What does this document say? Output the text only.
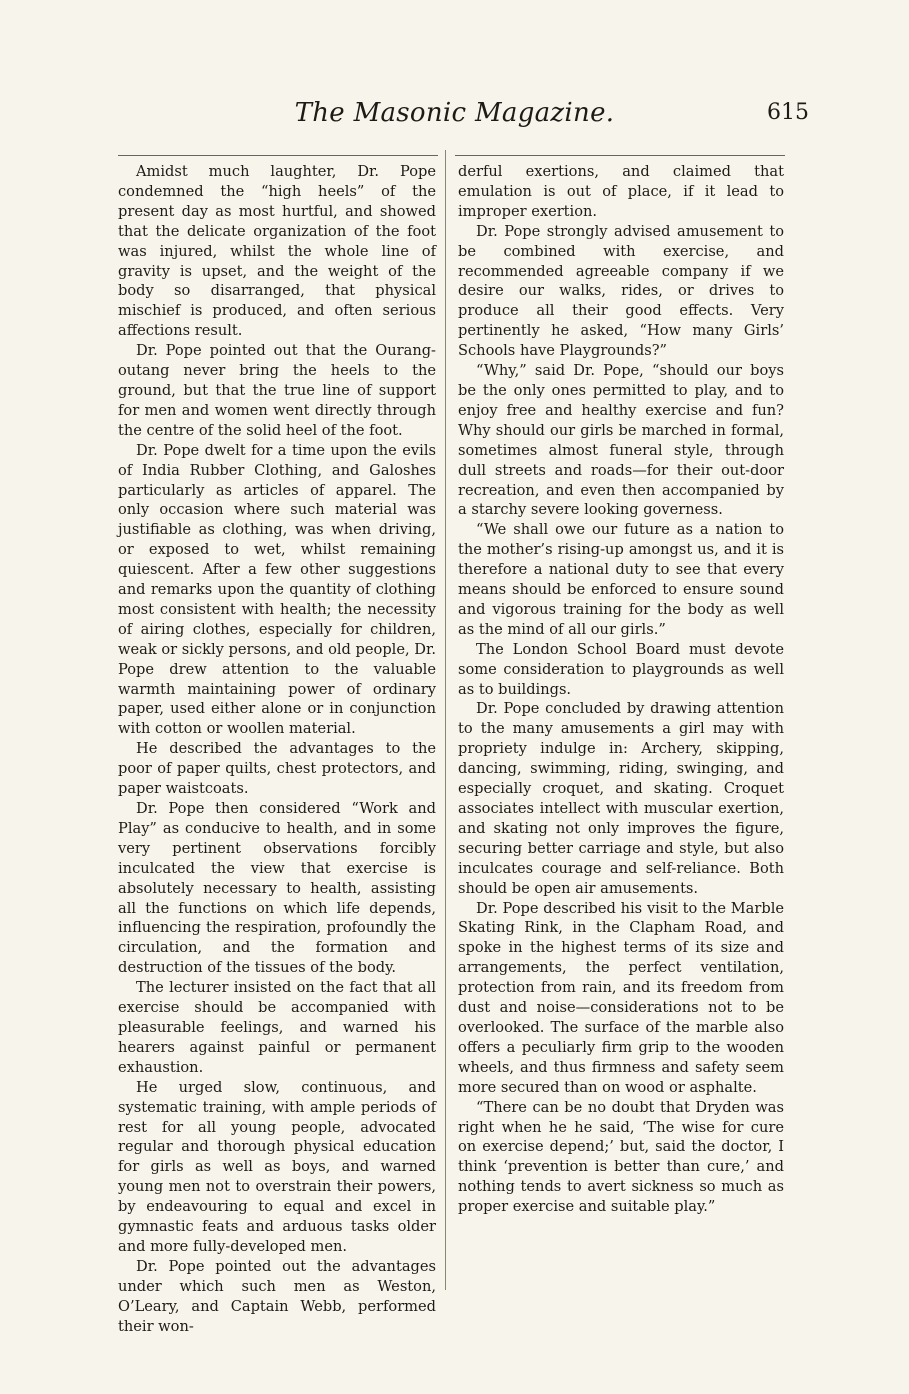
The Masonic Magazine.	615

Amidst much laughter, Dr. Pope condemned the “high heels” of the present day as most hurtful, and showed that the delicate organization of the foot was injured, whilst the whole line of gravity is upset, and the weight of the body so disarranged, that physical mischief is produced, and often serious affections result.

Dr. Pope pointed out that the Ourang-outang never bring the heels to the ground, but that the true line of support for men and women went directly through the centre of the solid heel of the foot.

Dr. Pope dwelt for a time upon the evils of India Rubber Clothing, and Galoshes particularly as articles of apparel. The only occasion where such material was justifiable as clothing, was when driving, or exposed to wet, whilst remaining quiescent. After a few other suggestions and remarks upon the quantity of clothing most consistent with health; the necessity of airing clothes, especially for children, weak or sickly persons, and old people, Dr. Pope drew attention to the valuable warmth maintaining power of ordinary paper, used either alone or in conjunction with cotton or woollen material.

He described the advantages to the poor of paper quilts, chest protectors, and paper waistcoats.

Dr. Pope then considered “Work and Play” as conducive to health, and in some very pertinent observations forcibly inculcated the view that exercise is absolutely necessary to health, assisting all the functions on which life depends, influencing the respiration, profoundly the circulation, and the formation and destruction of the tissues of the body.

The lecturer insisted on the fact that all exercise should be accompanied with pleasurable feelings, and warned his hearers against painful or permanent exhaustion.

He urged slow, continuous, and systematic training, with ample periods of rest for all young people, advocated regular and thorough physical education for girls as well as boys, and warned young men not to overstrain their powers, by endeavouring to equal and excel in gymnastic feats and arduous tasks older and more fully-developed men.

Dr. Pope pointed out the advantages under which such men as Weston, O’Leary, and Captain Webb, performed their won-

derful exertions, and claimed that emulation is out of place, if it lead to improper exertion.

Dr. Pope strongly advised amusement to be combined with exercise, and recommended agreeable company if we desire our walks, rides, or drives to produce all their good effects. Very pertinently he asked, “How many Girls’ Schools have Playgrounds?”

“Why,” said Dr. Pope, “should our boys be the only ones permitted to play, and to enjoy free and healthy exercise and fun? Why should our girls be marched in formal, sometimes almost funeral style, through dull streets and roads—for their out-door recreation, and even then accompanied by a starchy severe looking governess.

“We shall owe our future as a nation to the mother’s rising-up amongst us, and it is therefore a national duty to see that every means should be enforced to ensure sound and vigorous training for the body as well as the mind of all our girls.”

The London School Board must devote some consideration to playgrounds as well as to buildings.

Dr. Pope concluded by drawing attention to the many amusements a girl may with propriety indulge in: Archery, skipping, dancing, swimming, riding, swinging, and especially croquet, and skating. Croquet associates intellect with muscular exertion, and skating not only improves the figure, securing better carriage and style, but also inculcates courage and self-reliance. Both should be open air amusements.

Dr. Pope described his visit to the Marble Skating Rink, in the Clapham Road, and spoke in the highest terms of its size and arrangements, the perfect ventilation, protection from rain, and its freedom from dust and noise—considerations not to be overlooked. The surface of the marble also offers a peculiarly firm grip to the wooden wheels, and thus firmness and safety seem more secured than on wood or asphalte.

“There can be no doubt that Dryden was right when he he said, ‘The wise for cure on exercise depend;’ but, said the doctor, I think ‘prevention is better than cure,’ and nothing tends to avert sickness so much as proper exercise and suitable play.”
